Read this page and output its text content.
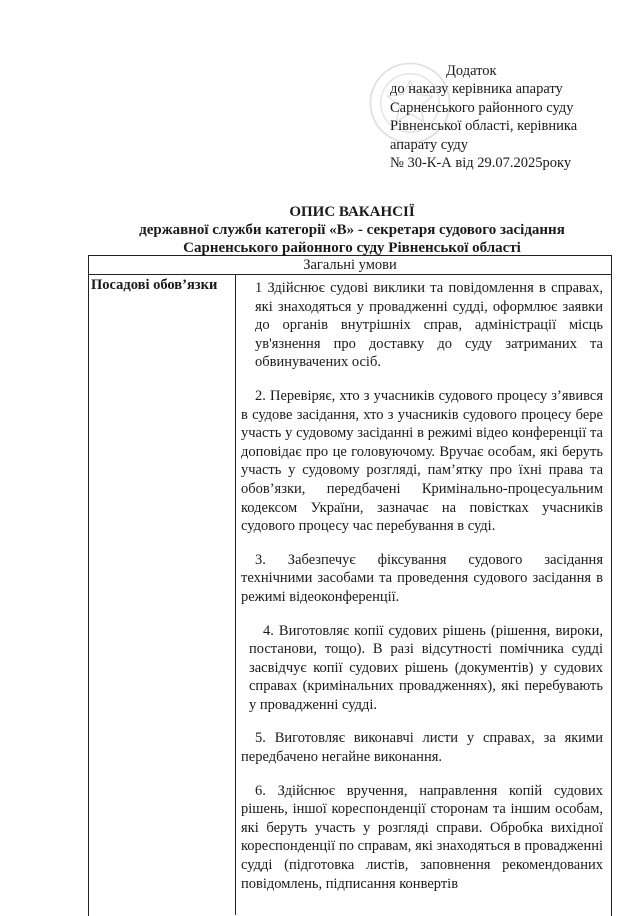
Додаток
до наказу керівника апарату
Сарненського районного суду
Рівненської області, керівника
апарату суду
№ 30-К-А від 29.07.2025року
ОПИС ВАКАНСІЇ
державної служби категорії «В» - секретаря судового засідання
Сарненського районного суду Рівненської області
Загальні умови
Посадові обов’язки	1 Здійснює судові виклики та повідомлення в справах, які знаходяться у провадженні судді, оформлює заявки до органів внутрішніх справ, адміністрації місць ув'язнення про доставку до суду затриманих та обвинувачених осіб.

2. Перевіряє, хто з учасників судового процесу з’явився в судове засідання, хто з учасників судового процесу бере участь у судовому засіданні в режимі відео конференції та доповідає про це головуючому. Вручає особам, які беруть участь у судовому розгляді, пам’ятку про їхні права та обов’язки, передбачені Кримінально-процесуальним кодексом України, зазначає на повістках учасників судового процесу час перебування в суді.

3. Забезпечує фіксування судового засідання технічними засобами та проведення судового засідання в режимі відеоконференції.

4. Виготовляє копії судових рішень (рішення, вироки, постанови, тощо). В разі відсутності помічника судді засвідчує копії судових рішень (документів) у судових справах (кримінальних провадженнях), які перебувають у провадженні судді.

5. Виготовляє виконавчі листи у справах, за якими передбачено негайне виконання.

6. Здійснює вручення, направлення копій судових рішень, іншої кореспонденції сторонам та іншим особам, які беруть участь у розгляді справи. Обробка вихідної кореспонденції по справам, які знаходяться в провадженні судді (підготовка листів, заповнення рекомендованих повідомлень, підписання конвертів
